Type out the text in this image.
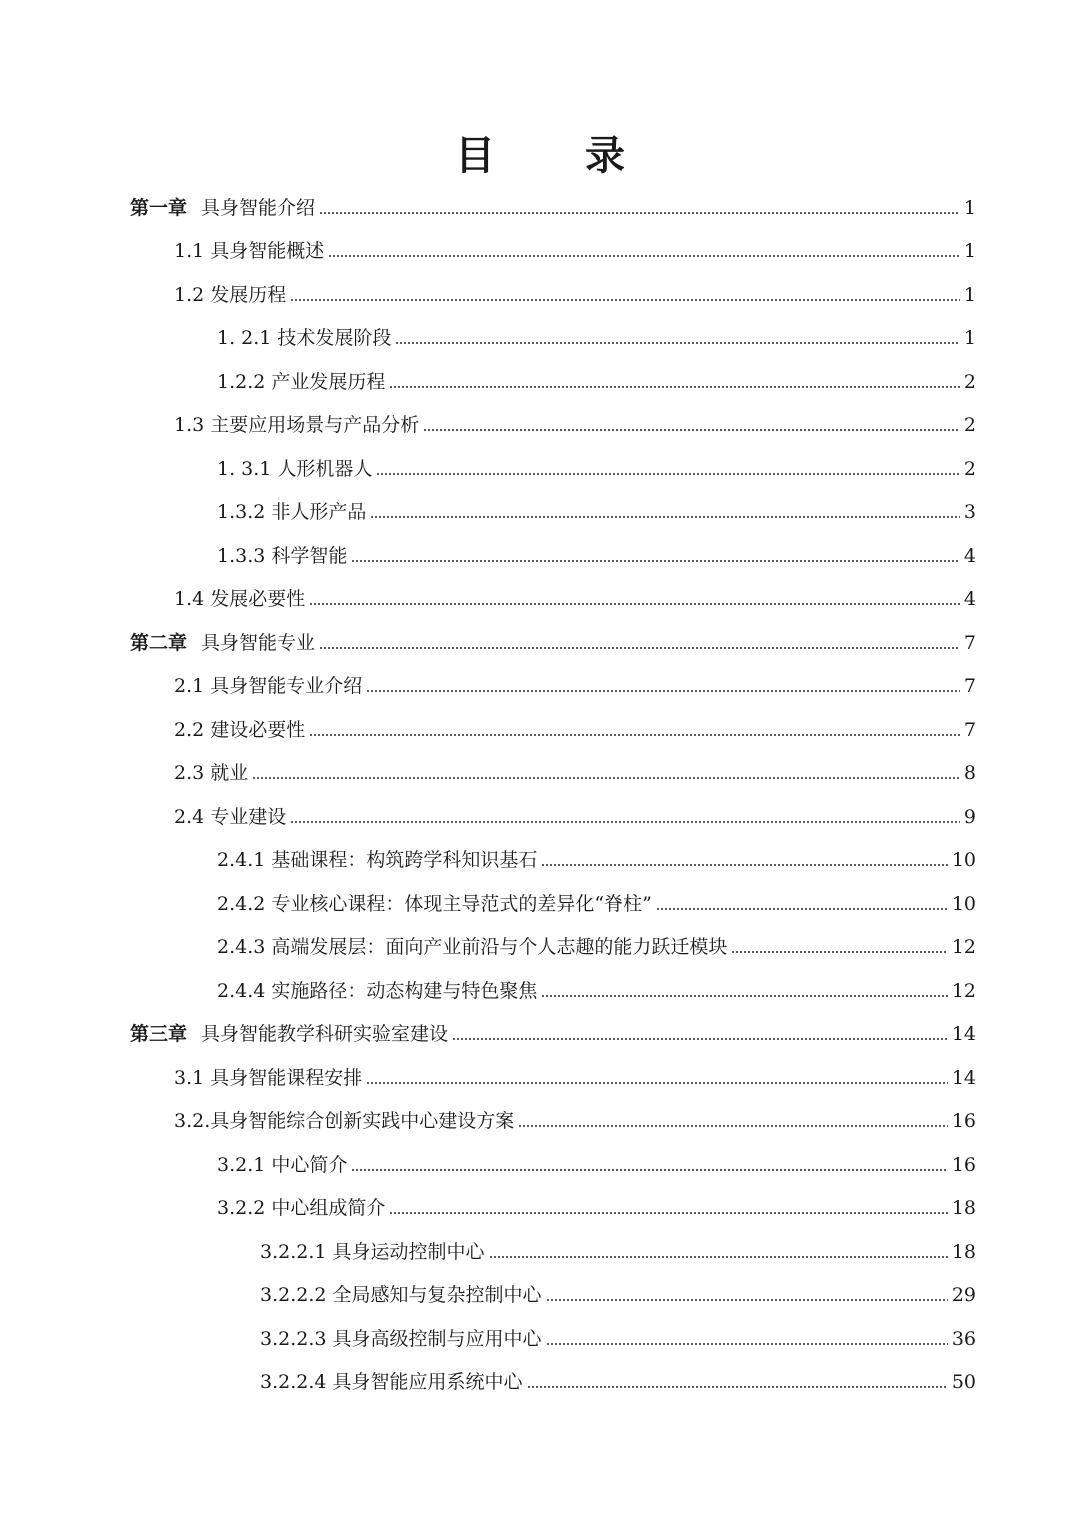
目 录
第一章 具身智能介绍	1
1.1 具身智能概述	1
1.2 发展历程	1
1. 2.1 技术发展阶段	1
1.2.2 产业发展历程	2
1.3 主要应用场景与产品分析	2
1. 3.1 人形机器人	2
1.3.2 非人形产品	3
1.3.3 科学智能	4
1.4 发展必要性	4
第二章 具身智能专业	7
2.1 具身智能专业介绍	7
2.2 建设必要性	7
2.3 就业	8
2.4 专业建设	9
2.4.1 基础课程：构筑跨学科知识基石	10
2.4.2 专业核心课程：体现主导范式的差异化“脊柱”	10
2.4.3 高端发展层：面向产业前沿与个人志趣的能力跃迁模块	12
2.4.4 实施路径：动态构建与特色聚焦	12
第三章 具身智能教学科研实验室建设	14
3.1 具身智能课程安排	14
3.2.具身智能综合创新实践中心建设方案	16
3.2.1 中心简介	16
3.2.2 中心组成简介	18
3.2.2.1 具身运动控制中心	18
3.2.2.2 全局感知与复杂控制中心	29
3.2.2.3 具身高级控制与应用中心	36
3.2.2.4 具身智能应用系统中心	50
